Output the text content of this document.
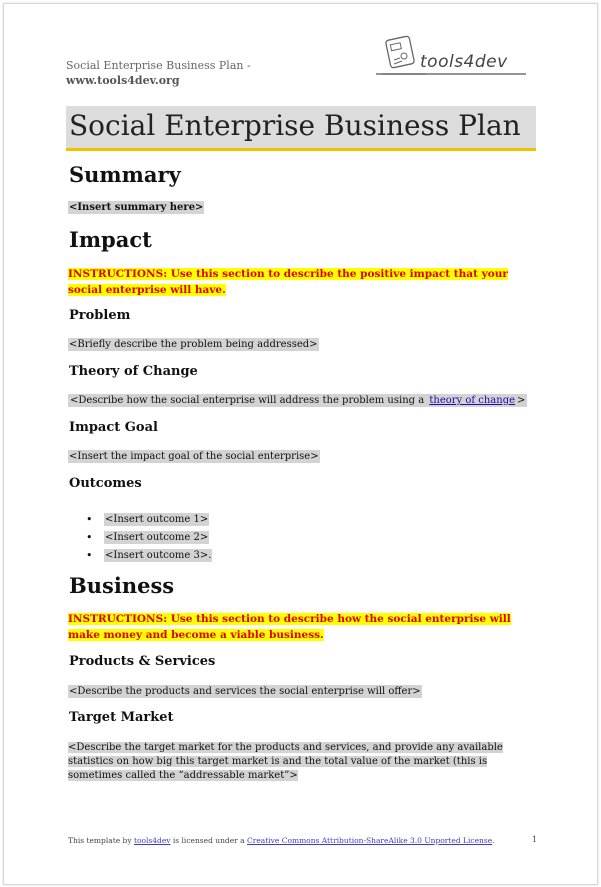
Social Enterprise Business Plan -
www.tools4dev.org
tools4dev
Social Enterprise Business Plan
Summary
<Insert summary here>
Impact
INSTRUCTIONS: Use this section to describe the positive impact that your social enterprise will have.
Problem
<Briefly describe the problem being addressed>
Theory of Change
<Describe how the social enterprise will address the problem using a theory of change >
Impact Goal
<Insert the impact goal of the social enterprise>
Outcomes
• <Insert outcome 1>
• <Insert outcome 2>
• <Insert outcome 3>.
Business
INSTRUCTIONS: Use this section to describe how the social enterprise will make money and become a viable business.
Products & Services
<Describe the products and services the social enterprise will offer>
Target Market
<Describe the target market for the products and services, and provide any available statistics on how big this target market is and the total value of the market (this is sometimes called the “addressable market”>
This template by tools4dev is licensed under a Creative Commons Attribution-ShareAlike 3.0 Unported License.	1
